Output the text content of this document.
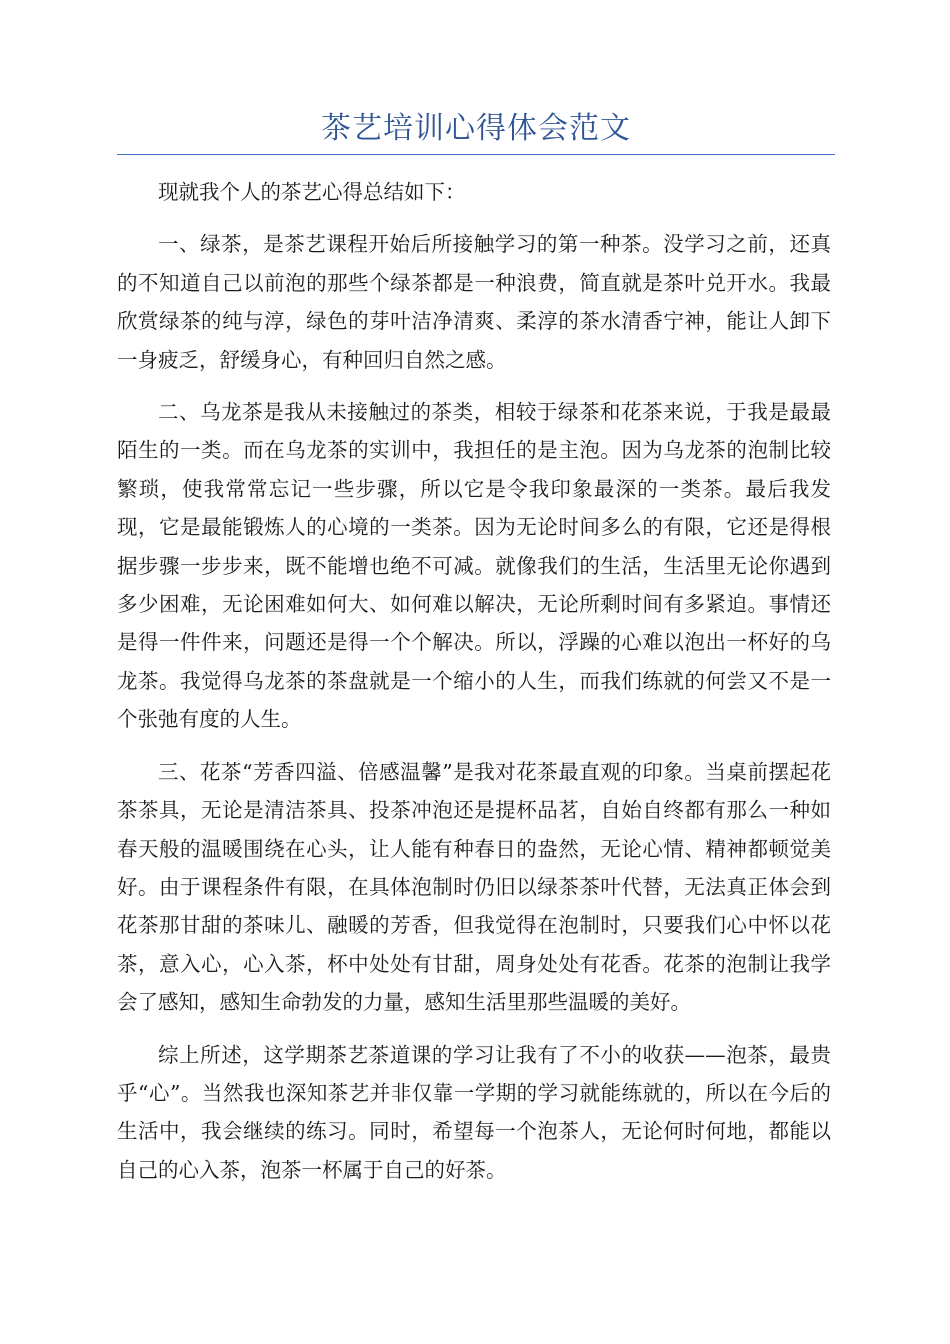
茶艺培训心得体会范文

现就我个人的茶艺心得总结如下：

一、绿茶，是茶艺课程开始后所接触学习的第一种茶。没学习之前，还真的不知道自己以前泡的那些个绿茶都是一种浪费，简直就是茶叶兑开水。我最欣赏绿茶的纯与淳，绿色的芽叶洁净清爽、柔淳的茶水清香宁神，能让人卸下一身疲乏，舒缓身心，有种回归自然之感。

二、乌龙茶是我从未接触过的茶类，相较于绿茶和花茶来说，于我是最最陌生的一类。而在乌龙茶的实训中，我担任的是主泡。因为乌龙茶的泡制比较繁琐，使我常常忘记一些步骤，所以它是令我印象最深的一类茶。最后我发现，它是最能锻炼人的心境的一类茶。因为无论时间多么的有限，它还是得根据步骤一步步来，既不能增也绝不可减。就像我们的生活，生活里无论你遇到多少困难，无论困难如何大、如何难以解决，无论所剩时间有多紧迫。事情还是得一件件来，问题还是得一个个解决。所以，浮躁的心难以泡出一杯好的乌龙茶。我觉得乌龙茶的茶盘就是一个缩小的人生，而我们练就的何尝又不是一个张弛有度的人生。

三、花茶“芳香四溢、倍感温馨”是我对花茶最直观的印象。当桌前摆起花茶茶具，无论是清洁茶具、投茶冲泡还是提杯品茗，自始自终都有那么一种如春天般的温暖围绕在心头，让人能有种春日的盎然，无论心情、精神都顿觉美好。由于课程条件有限，在具体泡制时仍旧以绿茶茶叶代替，无法真正体会到花茶那甘甜的茶味儿、融暖的芳香，但我觉得在泡制时，只要我们心中怀以花茶，意入心，心入茶，杯中处处有甘甜，周身处处有花香。花茶的泡制让我学会了感知，感知生命勃发的力量，感知生活里那些温暖的美好。

综上所述，这学期茶艺茶道课的学习让我有了不小的收获——泡茶，最贵乎“心”。当然我也深知茶艺并非仅靠一学期的学习就能练就的，所以在今后的生活中，我会继续的练习。同时，希望每一个泡茶人，无论何时何地，都能以自己的心入茶，泡茶一杯属于自己的好茶。
